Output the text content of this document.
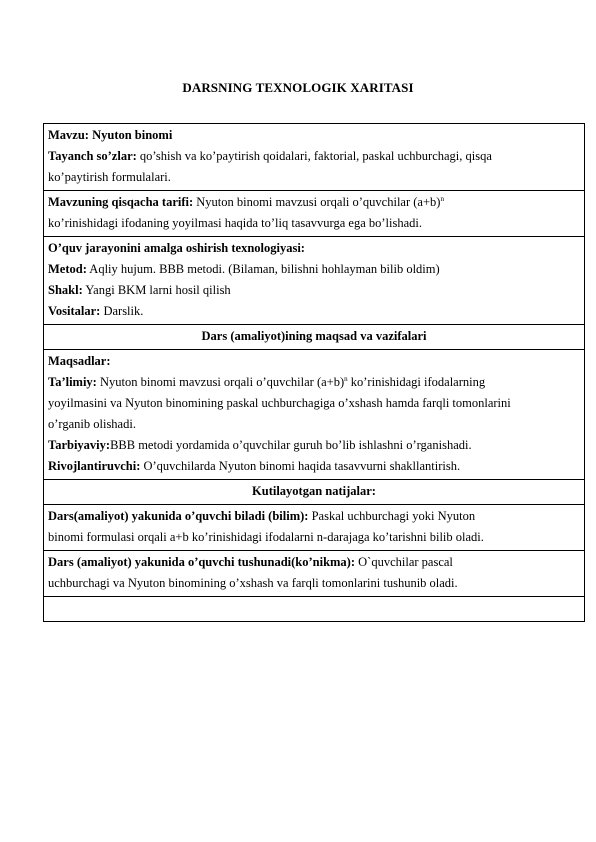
DARSNING TEXNOLOGIK XARITASI
Mavzu: Nyuton binomi
Tayanch so’zlar: qo’shish va ko’paytirish qoidalari, faktorial, paskal uchburchagi, qisqa
ko’paytirish formulalari.

Mavzuning qisqacha tarifi: Nyuton binomi mavzusi orqali o’quvchilar $(a+b)^n$
ko’rinishidagi ifodaning yoyilmasi haqida to’liq tasavvurga ega bo’lishadi.

O’quv jarayonini amalga oshirish texnologiyasi:
Metod: Aqliy hujum. BBB metodi. (Bilaman, bilishni hohlayman bilib oldim)
Shakl: Yangi BKM larni hosil qilish
Vositalar: Darslik.

Dars (amaliyot)ining maqsad va vazifalari

Maqsadlar:
Ta’limiy: Nyuton binomi mavzusi orqali o’quvchilar $(a+b)^n$ ko’rinishidagi ifodalarning
yoyilmasini va Nyuton binomining paskal uchburchagiga o’xshash hamda farqli tomonlarini
o’rganib olishadi.
Tarbiyaviy:BBB metodi yordamida o’quvchilar guruh bo’lib ishlashni o’rganishadi.
Rivojlantiruvchi: O’quvchilarda Nyuton binomi haqida tasavvurni shakllantirish.

Kutilayotgan natijalar:

Dars(amaliyot) yakunida o’quvchi biladi (bilim): Paskal uchburchagi yoki Nyuton
binomi formulasi orqali a+b ko’rinishidagi ifodalarni n-darajaga ko’tarishni bilib oladi.

Dars (amaliyot) yakunida o’quvchi tushunadi(ko’nikma): O`quvchilar pascal
uchburchagi va Nyuton binomining o’xshash va farqli tomonlarini tushunib oladi.
